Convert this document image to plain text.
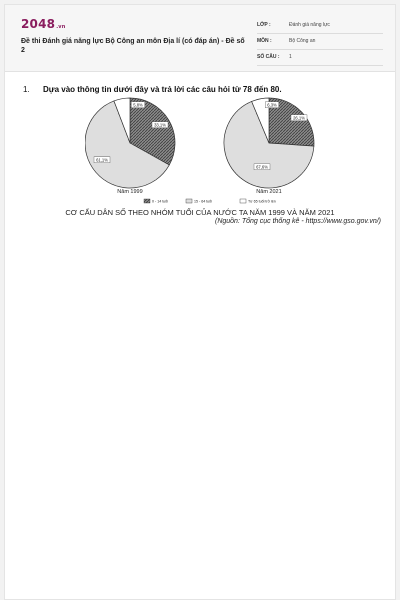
2048.vn
Đề thi Đánh giá năng lực Bộ Công an môn Địa lí (có đáp án) - Đề số 2
LỚP :	Đánh giá năng lực
MÔN :	Bộ Công an
SỐ CÂU : 1
1. Dựa vào thông tin dưới đây và trả lời các câu hỏi từ 78 đến 80.
33,1%
61,1%
5,8%
Năm 1999
26,1%
67,6%
6,3%
Năm 2021
0 - 14 tuổi	15 - 64 tuổi	Từ 65 tuổi trở lên
CƠ CẤU DÂN SỐ THEO NHÓM TUỔI CỦA NƯỚC TA NĂM 1999 VÀ NĂM 2021
(Nguồn: Tổng cục thống kê - https://www.gso.gov.vn/)
